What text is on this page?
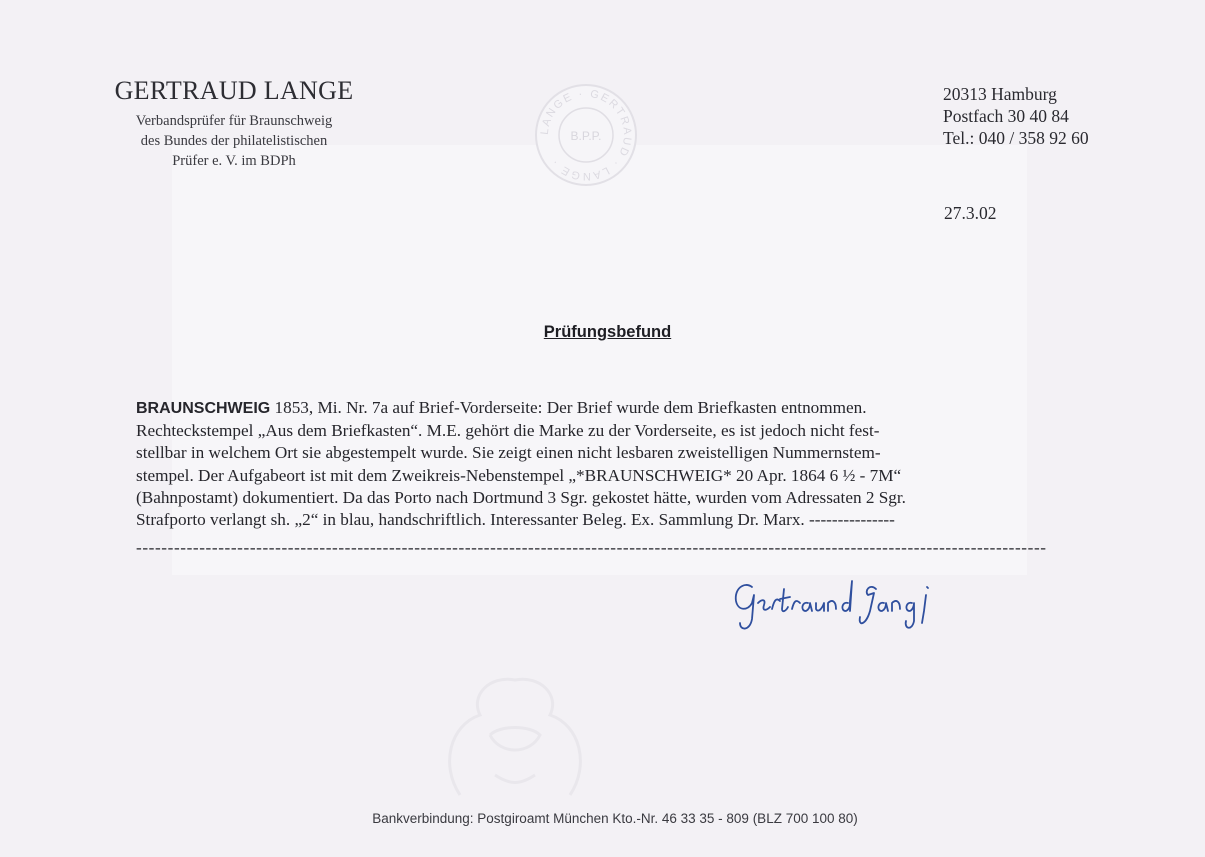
GERTRAUD LANGE
Verbandsprüfer für Braunschweig
des Bundes der philatelistischen
Prüfer e. V. im BDPh
LANGE · GERTRAUD · LANGE ·
B.P.P.
20313 Hamburg
Postfach 30 40 84
Tel.: 040 / 358 92 60
27.3.02
Prüfungsbefund
BRAUNSCHWEIG 1853, Mi. Nr. 7a auf Brief-Vorderseite: Der Brief wurde dem Briefkasten entnommen.
Rechteckstempel „Aus dem Briefkasten“. M.E. gehört die Marke zu der Vorderseite, es ist jedoch nicht fest-
stellbar in welchem Ort sie abgestempelt wurde. Sie zeigt einen nicht lesbaren zweistelligen Nummernstem-
stempel. Der Aufgabeort ist mit dem Zweikreis-Nebenstempel „*BRAUNSCHWEIG* 20 Apr. 1864 6 ½ - 7M“
(Bahnpostamt) dokumentiert. Da das Porto nach Dortmund 3 Sgr. gekostet hätte, wurden vom Adressaten 2 Sgr.
Strafporto verlangt sh. „2“ in blau, handschriftlich. Interessanter Beleg. Ex. Sammlung Dr. Marx. ---------------
------------------------------------------------------------------------------------------------------------------------------------------------
Bankverbindung: Postgiroamt München Kto.-Nr. 46 33 35 - 809 (BLZ 700 100 80)
